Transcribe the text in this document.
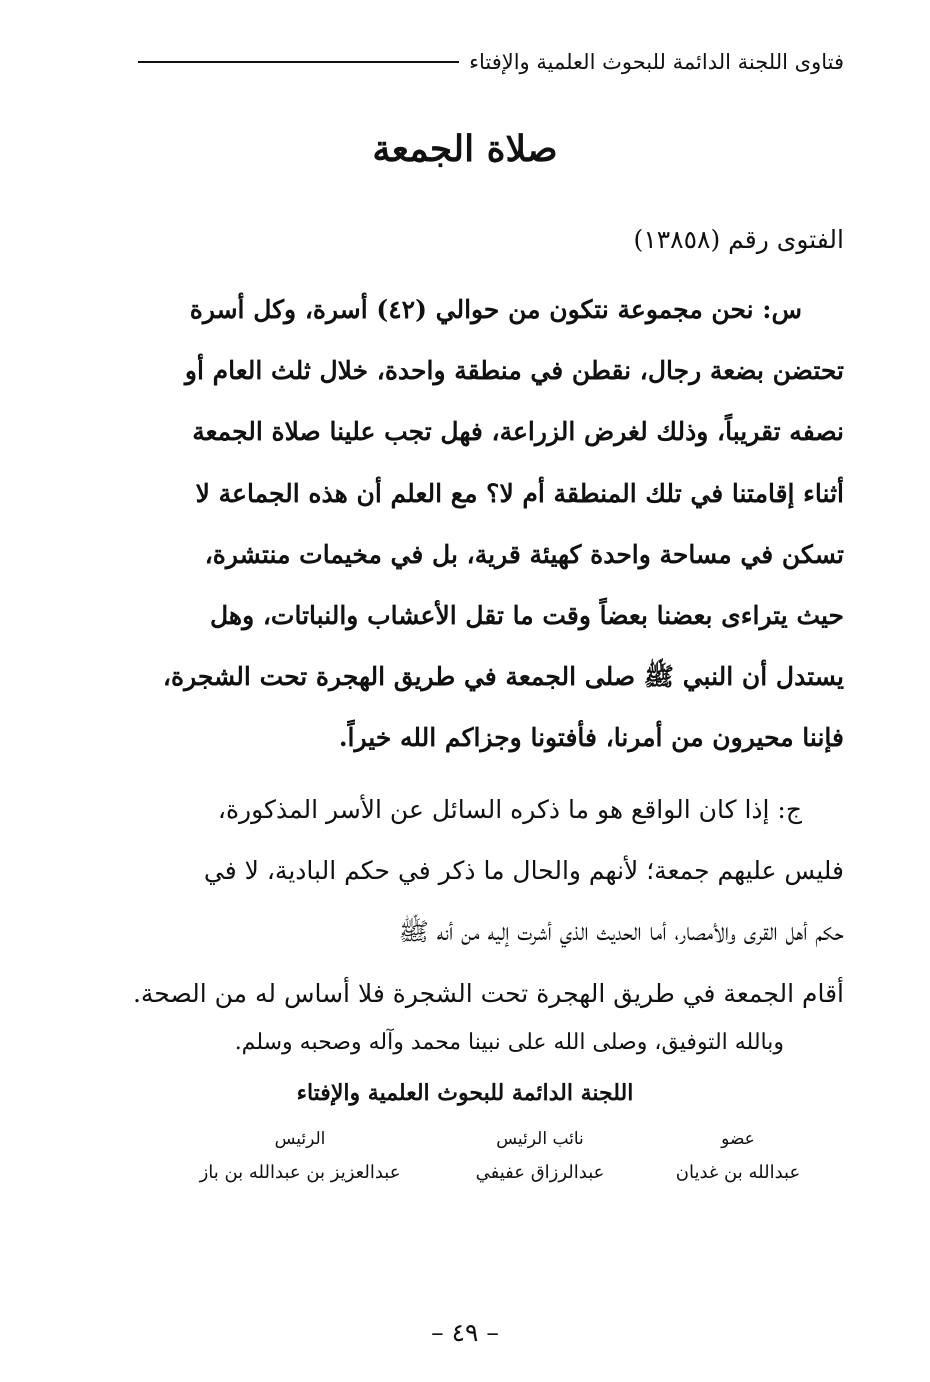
فتاوى اللجنة الدائمة للبحوث العلمية والإفتاء
صلاة الجمعة
الفتوى رقم (١٣٨٥٨)
س: نحن مجموعة نتكون من حوالي (٤٢) أسرة، وكل أسرة
تحتضن بضعة رجال، نقطن في منطقة واحدة، خلال ثلث العام أو
نصفه تقريباً، وذلك لغرض الزراعة، فهل تجب علينا صلاة الجمعة
أثناء إقامتنا في تلك المنطقة أم لا؟ مع العلم أن هذه الجماعة لا
تسكن في مساحة واحدة كهيئة قرية، بل في مخيمات منتشرة،
حيث يتراءى بعضنا بعضاً وقت ما تقل الأعشاب والنباتات، وهل
يستدل أن النبي ﷺ صلى الجمعة في طريق الهجرة تحت الشجرة،
فإننا محيرون من أمرنا، فأفتونا وجزاكم الله خيراً.
ج: إذا كان الواقع هو ما ذكره السائل عن الأسر المذكورة،
فليس عليهم جمعة؛ لأنهم والحال ما ذكر في حكم البادية، لا في
حكم أهل القرى والأمصار، أما الحديث الذي أشرت إليه من أنه ﷺ
أقام الجمعة في طريق الهجرة تحت الشجرة فلا أساس له من الصحة.
وبالله التوفيق، وصلى الله على نبينا محمد وآله وصحبه وسلم.
اللجنة الدائمة للبحوث العلمية والإفتاء
عضو
عبدالله بن غديان
نائب الرئيس
عبدالرزاق عفيفي
الرئيس
عبدالعزيز بن عبدالله بن باز
– ٤٩ –
